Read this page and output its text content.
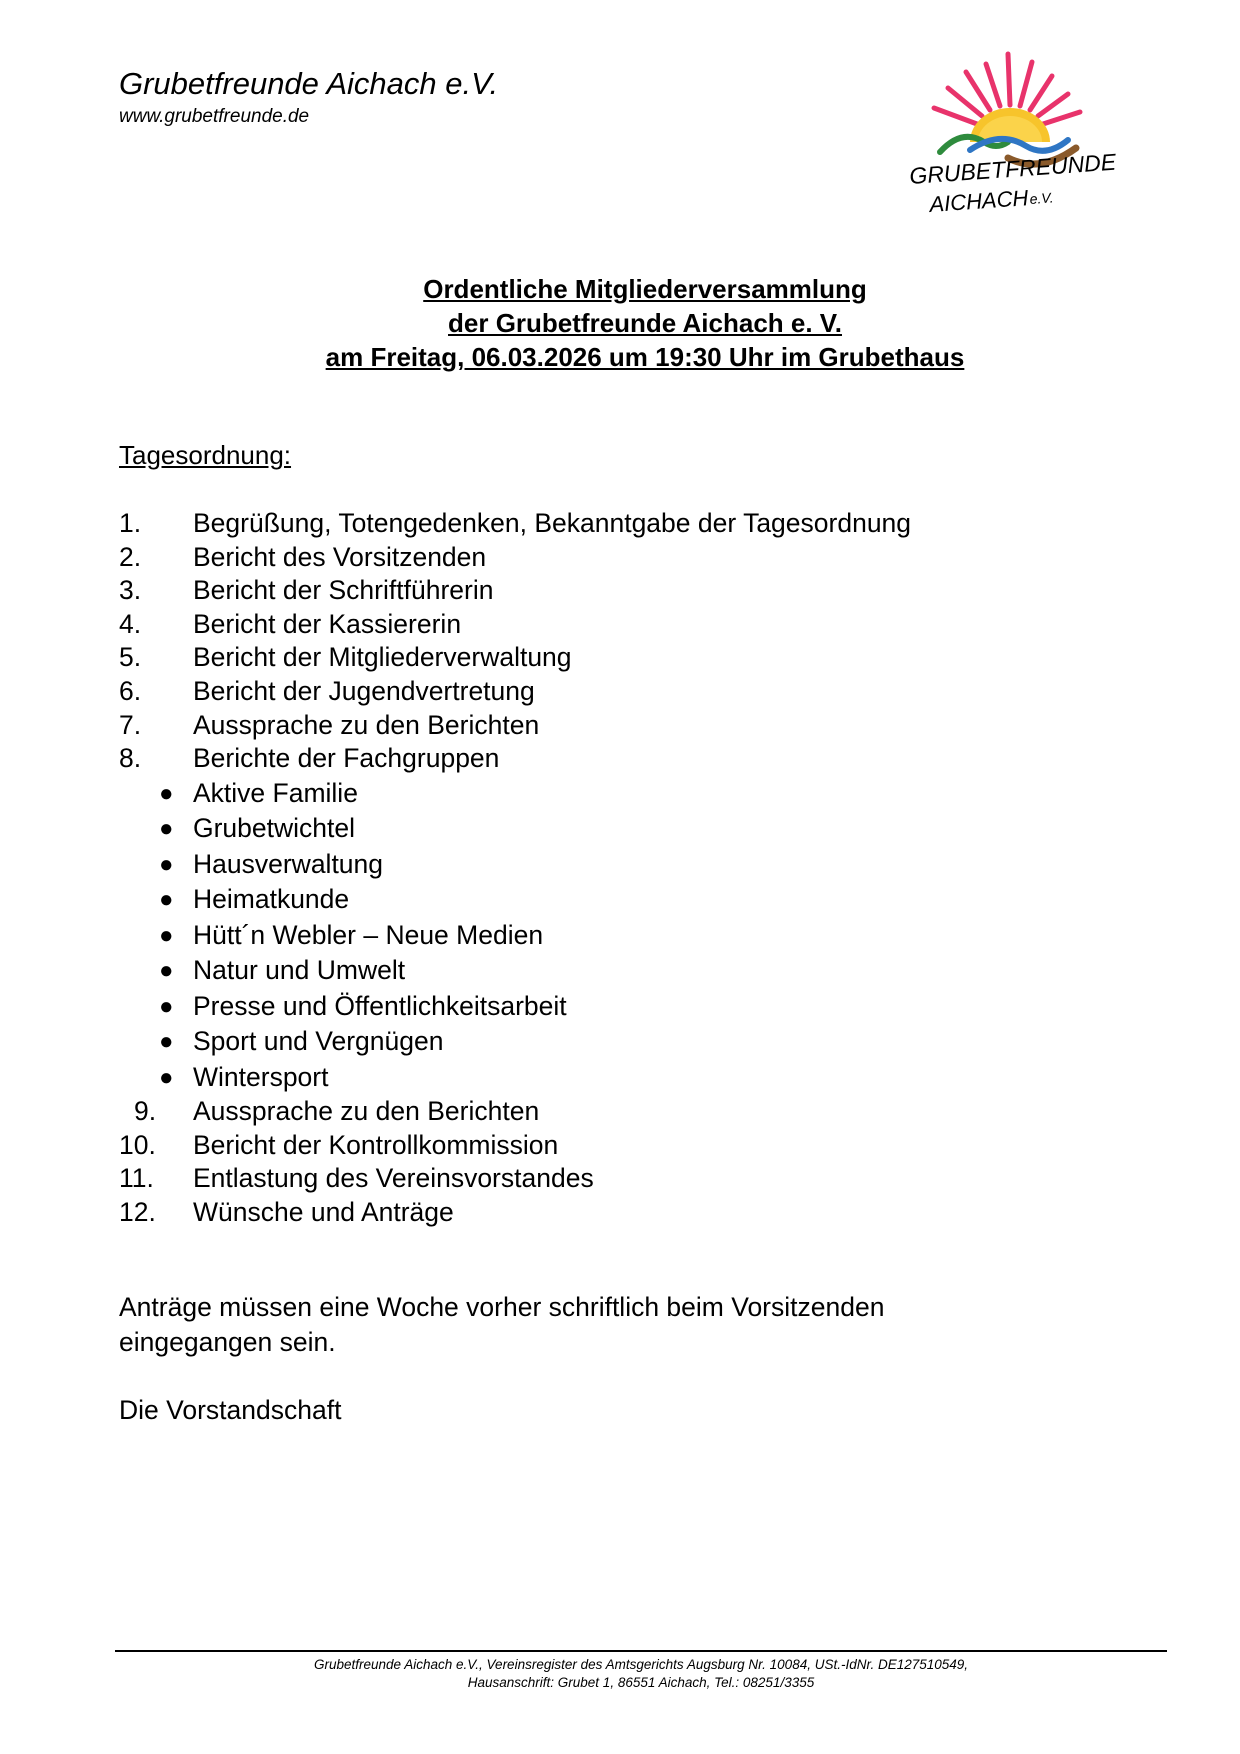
Grubetfreunde Aichach e.V.
www.grubetfreunde.de
GRUBETFREUNDE
AICHACH e.V.
Ordentliche Mitgliederversammlung
der Grubetfreunde Aichach e. V.
am Freitag, 06.03.2026 um 19:30 Uhr im Grubethaus
Tagesordnung:
1. Begrüßung, Totengedenken, Bekanntgabe der Tagesordnung
2. Bericht des Vorsitzenden
3. Bericht der Schriftführerin
4. Bericht der Kassiererin
5. Bericht der Mitgliederverwaltung
6. Bericht der Jugendvertretung
7. Aussprache zu den Berichten
8. Berichte der Fachgruppen
● Aktive Familie
● Grubetwichtel
● Hausverwaltung
● Heimatkunde
● Hütt´n Webler – Neue Medien
● Natur und Umwelt
● Presse und Öffentlichkeitsarbeit
● Sport und Vergnügen
● Wintersport
9. Aussprache zu den Berichten
10. Bericht der Kontrollkommission
11. Entlastung des Vereinsvorstandes
12. Wünsche und Anträge
Anträge müssen eine Woche vorher schriftlich beim Vorsitzenden
eingegangen sein.
Die Vorstandschaft
Grubetfreunde Aichach e.V., Vereinsregister des Amtsgerichts Augsburg Nr. 10084, USt.-IdNr. DE127510549,
Hausanschrift: Grubet 1, 86551 Aichach, Tel.: 08251/3355
